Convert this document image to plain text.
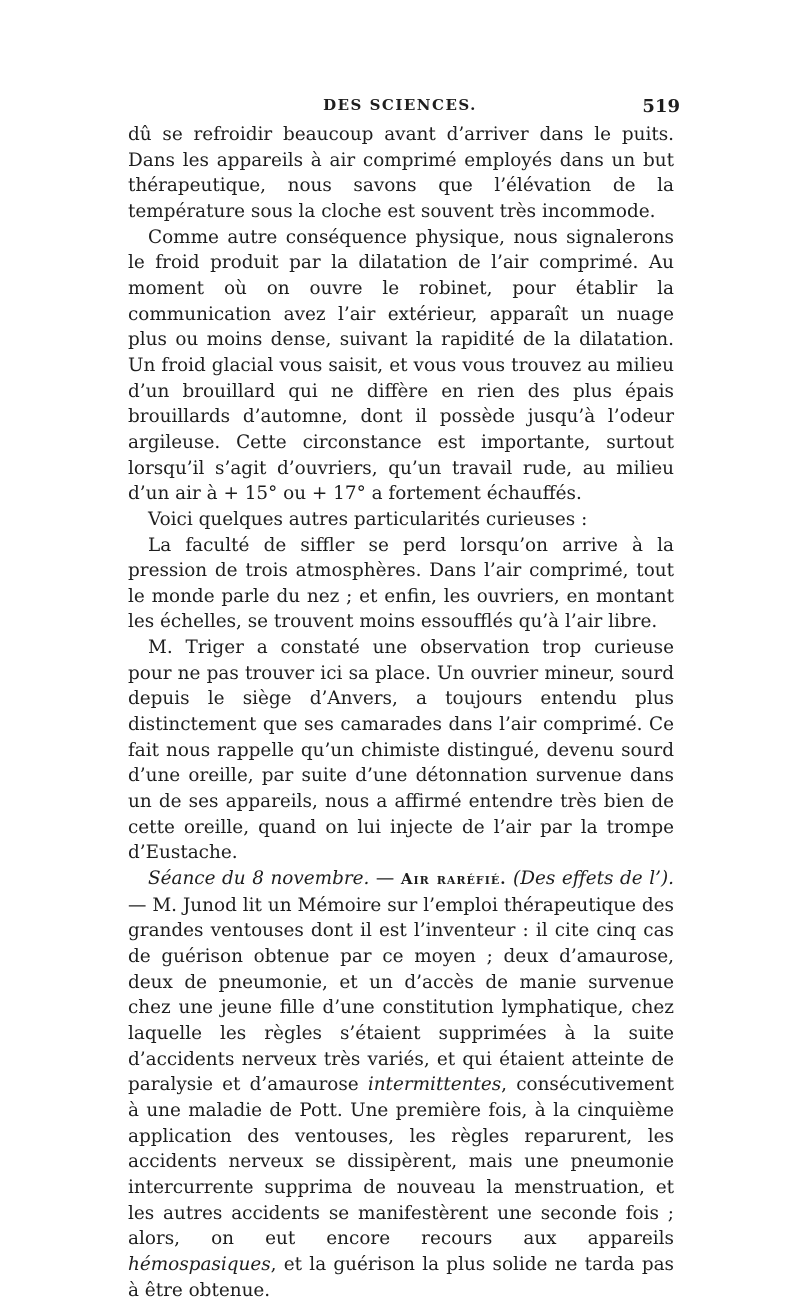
DES SCIENCES.	519

dû se refroidir beaucoup avant d’arriver dans le puits. Dans les appareils à air comprimé employés dans un but thérapeutique, nous savons que l’élévation de la température sous la cloche est souvent très incommode.

Comme autre conséquence physique, nous signalerons le froid produit par la dilatation de l’air comprimé. Au moment où on ouvre le robinet, pour établir la communication avez l’air extérieur, apparaît un nuage plus ou moins dense, suivant la rapidité de la dilatation. Un froid glacial vous saisit, et vous vous trouvez au milieu d’un brouillard qui ne diffère en rien des plus épais brouillards d’automne, dont il possède jusqu’à l’odeur argileuse. Cette circonstance est importante, surtout lorsqu’il s’agit d’ouvriers, qu’un travail rude, au milieu d’un air à + 15° ou + 17° a fortement échauffés.

Voici quelques autres particularités curieuses :

La faculté de siffler se perd lorsqu’on arrive à la pression de trois atmosphères. Dans l’air comprimé, tout le monde parle du nez ; et enfin, les ouvriers, en montant les échelles, se trouvent moins essoufflés qu’à l’air libre.

M. Triger a constaté une observation trop curieuse pour ne pas trouver ici sa place. Un ouvrier mineur, sourd depuis le siège d’Anvers, a toujours entendu plus distinctement que ses camarades dans l’air comprimé. Ce fait nous rappelle qu’un chimiste distingué, devenu sourd d’une oreille, par suite d’une détonnation survenue dans un de ses appareils, nous a affirmé entendre très bien de cette oreille, quand on lui injecte de l’air par la trompe d’Eustache.

Séance du 8 novembre. — Air raréfié. (Des effets de l’). — M. Junod lit un Mémoire sur l’emploi thérapeutique des grandes ventouses dont il est l’inventeur : il cite cinq cas de guérison obtenue par ce moyen ; deux d’amaurose, deux de pneumonie, et un d’accès de manie survenue chez une jeune fille d’une constitution lymphatique, chez laquelle les règles s’étaient supprimées à la suite d’accidents nerveux très variés, et qui étaient atteinte de paralysie et d’amaurose intermittentes, consécutivement à une maladie de Pott. Une première fois, à la cinquième application des ventouses, les règles reparurent, les accidents nerveux se dissipèrent, mais une pneumonie intercurrente supprima de nouveau la menstruation, et les autres accidents se manifestèrent une seconde fois ; alors, on eut encore recours aux appareils hémospasiques, et la guérison la plus solide ne tarda pas à être obtenue.
